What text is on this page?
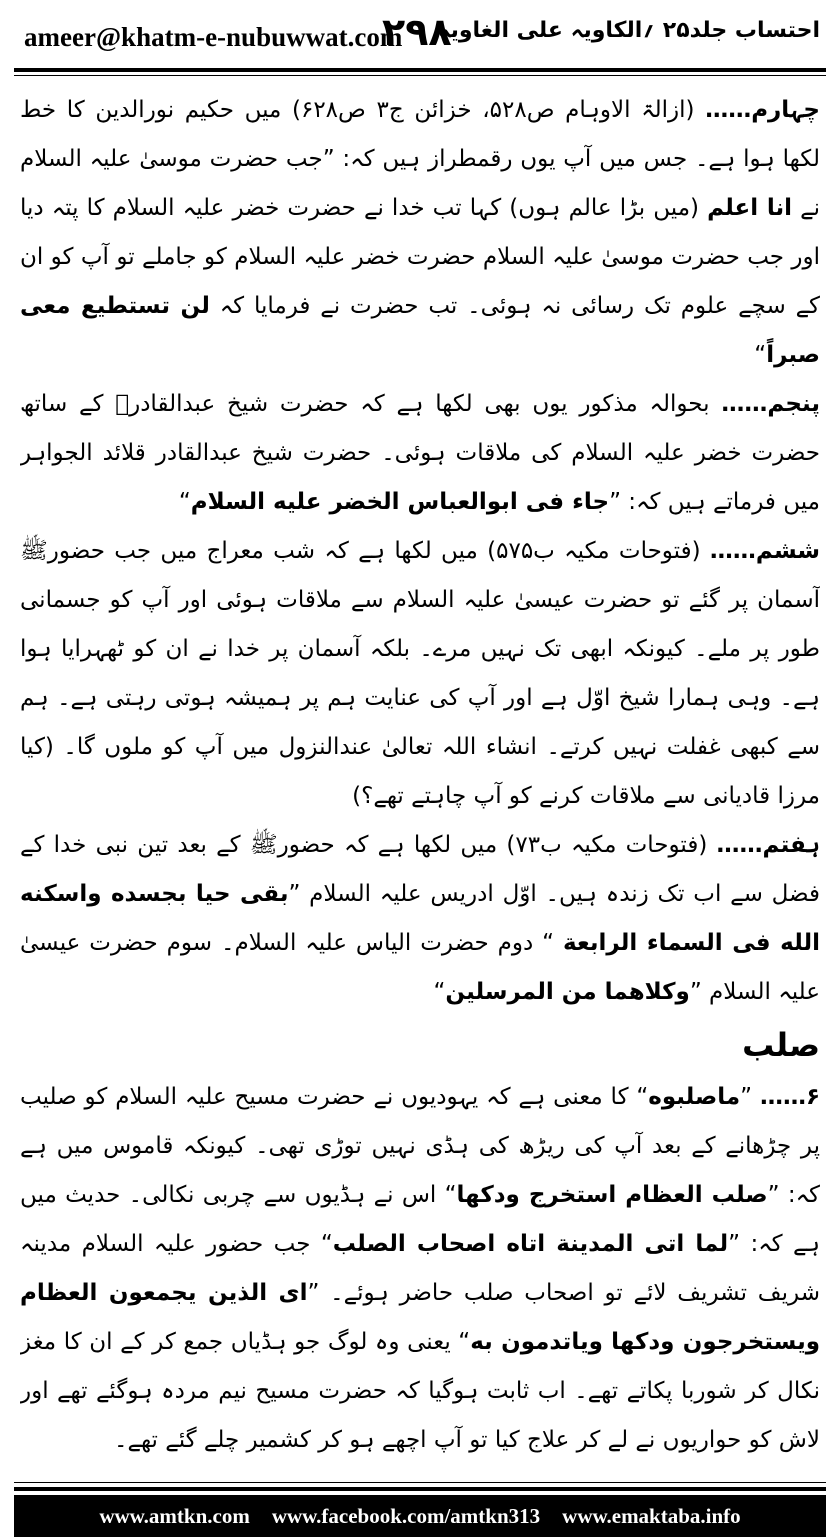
ameer@khatm-e-nubuwwat.com
۲۹۸
احتساب جلد۲۵ ؍الکاویہ علی الغاویہ

چہارم…… (ازالۃ الاوہام ص۵۲۸، خزائن ج۳ ص۶۲۸) میں حکیم نورالدین کا خط لکھا ہوا ہے۔ جس میں آپ یوں رقمطراز ہیں کہ: ”جب حضرت موسیٰ علیہ السلام نے انا اعلم (میں بڑا عالم ہوں) کہا تب خدا نے حضرت خضر علیہ السلام کا پتہ دیا اور جب حضرت موسیٰ علیہ السلام حضرت خضر علیہ السلام کو جاملے تو آپ کو ان کے سچے علوم تک رسائی نہ ہوئی۔ تب حضرت نے فرمایا کہ لن تستطیع معی صبراً“

پنجم…… بحوالہ مذکور یوں بھی لکھا ہے کہ حضرت شیخ عبدالقادرؒ کے ساتھ حضرت خضر علیہ السلام کی ملاقات ہوئی۔ حضرت شیخ عبدالقادر قلائد الجواہر میں فرماتے ہیں کہ: ”جاء فی ابوالعباس الخضر علیه السلام“

ششم…… (فتوحات مکیہ ب۵۷۵) میں لکھا ہے کہ شب معراج میں جب حضورﷺ آسمان پر گئے تو حضرت عیسیٰ علیہ السلام سے ملاقات ہوئی اور آپ کو جسمانی طور پر ملے۔ کیونکہ ابھی تک نہیں مرے۔ بلکہ آسمان پر خدا نے ان کو ٹھہرایا ہوا ہے۔ وہی ہمارا شیخ اوّل ہے اور آپ کی عنایت ہم پر ہمیشہ ہوتی رہتی ہے۔ ہم سے کبھی غفلت نہیں کرتے۔ انشاء اللہ تعالیٰ عندالنزول میں آپ کو ملوں گا۔ (کیا مرزا قادیانی سے ملاقات کرنے کو آپ چاہتے تھے؟)

ہفتم…… (فتوحات مکیہ ب۷۳) میں لکھا ہے کہ حضورﷺ کے بعد تین نبی خدا کے فضل سے اب تک زندہ ہیں۔ اوّل ادریس علیہ السلام ”بقی حیا بجسده واسكنه الله فی السماء الرابعة “ دوم حضرت الیاس علیہ السلام۔ سوم حضرت عیسیٰ علیہ السلام ”وكلاهما من المرسلین“

صلب

۶…… ”ماصلبوه“ کا معنی ہے کہ یہودیوں نے حضرت مسیح علیہ السلام کو صلیب پر چڑھانے کے بعد آپ کی ریڑھ کی ہڈی نہیں توڑی تھی۔ کیونکہ قاموس میں ہے کہ: ”صلب العظام استخرج ودكها“ اس نے ہڈیوں سے چربی نکالی۔ حدیث میں ہے کہ: ”لما اتی المدینة اتاه اصحاب الصلب“ جب حضور علیہ السلام مدینہ شریف تشریف لائے تو اصحاب صلب حاضر ہوئے۔ ”ای الذین یجمعون العظام ویستخرجون ودكها ویاتدمون به“ یعنی وہ لوگ جو ہڈیاں جمع کر کے ان کا مغز نکال کر شوربا پکاتے تھے۔ اب ثابت ہوگیا کہ حضرت مسیح نیم مردہ ہوگئے تھے اور لاش کو حواریوں نے لے کر علاج کیا تو آپ اچھے ہو کر کشمیر چلے گئے تھے۔

www.amtkn.com www.facebook.com/amtkn313 www.emaktaba.info
